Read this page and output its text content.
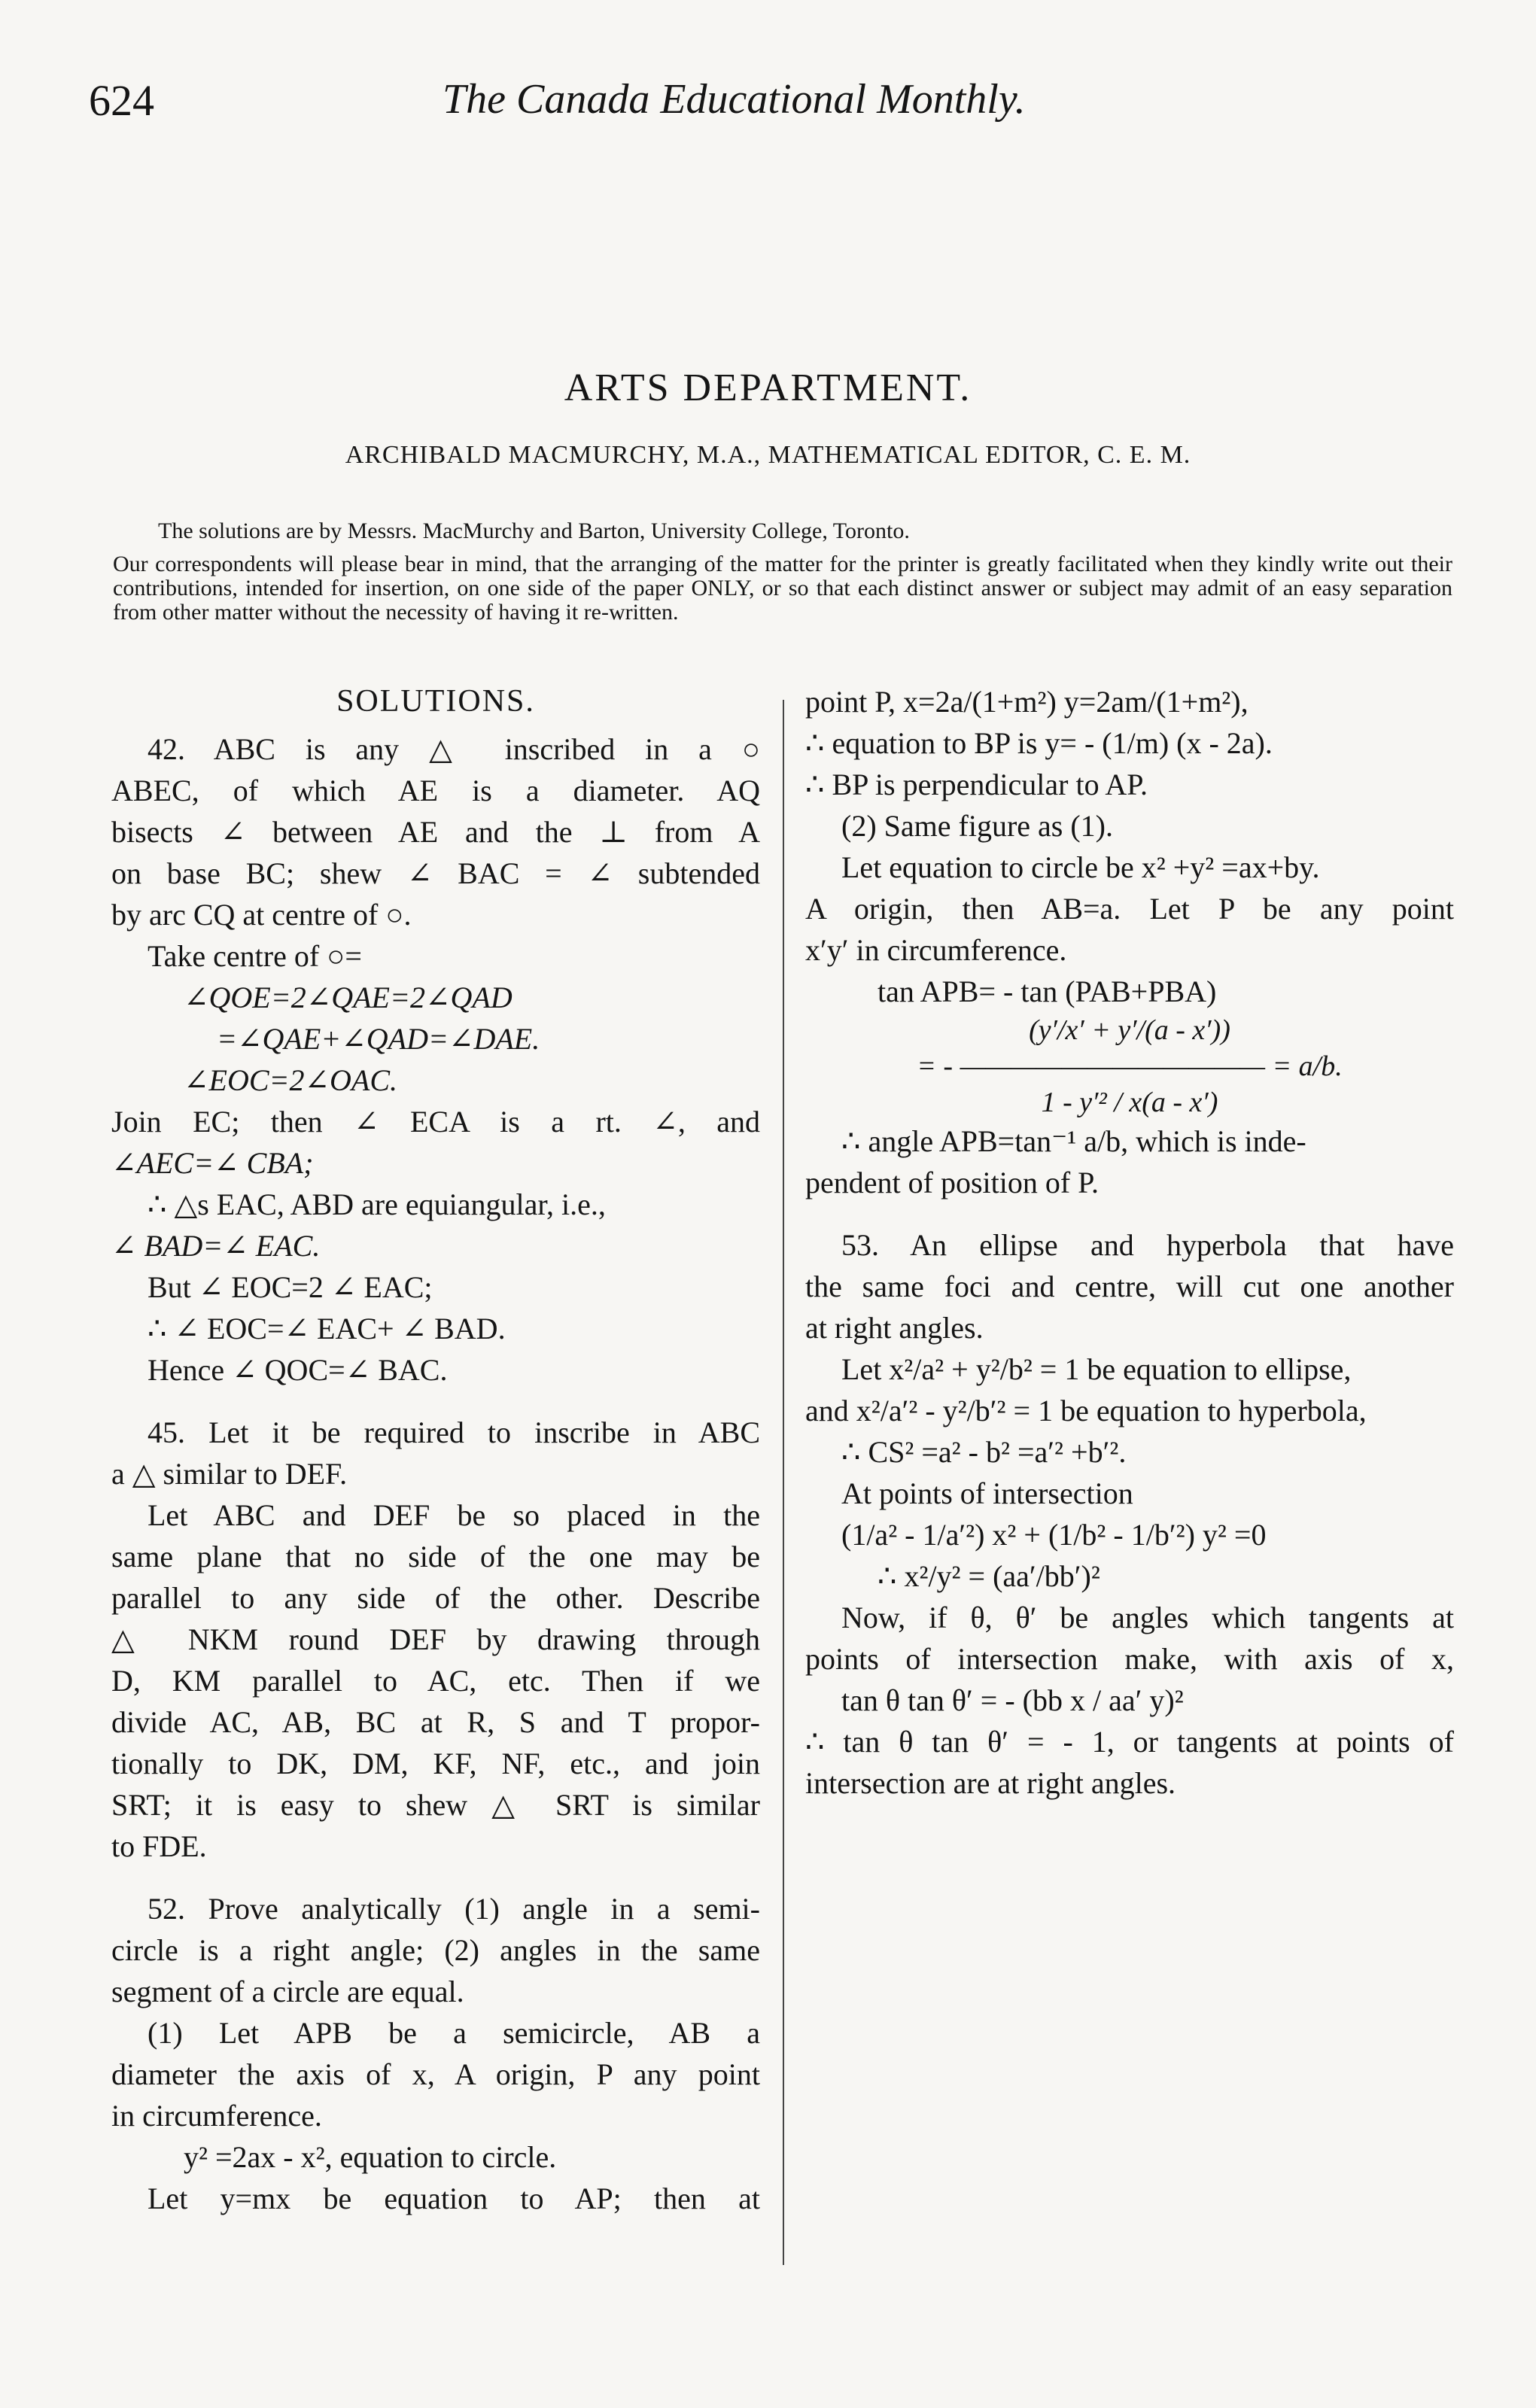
624	The Canada Educational Monthly.
ARTS DEPARTMENT.
ARCHIBALD MACMURCHY, M.A., MATHEMATICAL EDITOR, C. E. M.
The solutions are by Messrs. MacMurchy and Barton, University College, Toronto.
Our correspondents will please bear in mind, that the arranging of the matter for the printer is greatly facilitated when they kindly write out their contributions, intended for insertion, on one side of the paper ONLY, or so that each distinct answer or subject may admit of an easy separation from other matter without the necessity of having it re-written.
SOLUTIONS.
42. ABC is any △ inscribed in a ○
ABEC, of which AE is a diameter. AQ
bisects ∠ between AE and the ⊥ from A
on base BC; shew ∠ BAC = ∠ subtended
by arc CQ at centre of ○.
Take centre of ○=
∠QOE=2∠QAE=2∠QAD
=∠QAE+∠QAD=∠DAE.
∠EOC=2∠OAC.
Join EC; then ∠ ECA is a rt. ∠, and
∠AEC=∠ CBA;
∴ △s EAC, ABD are equiangular, i.e.,
∠ BAD=∠ EAC.
But ∠ EOC=2 ∠ EAC;
∴ ∠ EOC=∠ EAC+ ∠ BAD.
Hence ∠ QOC=∠ BAC.
45. Let it be required to inscribe in ABC
a △ similar to DEF.
Let ABC and DEF be so placed in the
same plane that no side of the one may be
parallel to any side of the other. Describe
△ NKM round DEF by drawing through
D, KM parallel to AC, etc. Then if we
divide AC, AB, BC at R, S and T propor-
tionally to DK, DM, KF, NF, etc., and join
SRT; it is easy to shew △ SRT is similar
to FDE.
52. Prove analytically (1) angle in a semi-
circle is a right angle; (2) angles in the same
segment of a circle are equal.
(1) Let APB be a semicircle, AB a
diameter the axis of x, A origin, P any point
in circumference.
y² =2ax - x², equation to circle.
Let y=mx be equation to AP; then at
point P, x=2a/(1+m²) y=2am/(1+m²),
∴ equation to BP is y= - (1/m) (x - 2a).
∴ BP is perpendicular to AP.
(2) Same figure as (1).
Let equation to circle be x² +y² =ax+by.
A origin, then AB=a. Let P be any point
x′y′ in circumference.
tan APB= - tan (PAB+PBA)
(y′/x′ + y′/(a - x′))
= - ———————————— = a/b.
1 - y′² / x(a - x′)
∴ angle APB=tan⁻¹ a/b, which is inde-
pendent of position of P.
53. An ellipse and hyperbola that have
the same foci and centre, will cut one another
at right angles.
Let x²/a² + y²/b² = 1 be equation to ellipse,
and x²/a′² - y²/b′² = 1 be equation to hyperbola,
∴ CS² =a² - b² =a′² +b′².
At points of intersection
(1/a² - 1/a′²) x² + (1/b² - 1/b′²) y² =0
∴ x²/y² = (aa′/bb′)²
Now, if θ, θ′ be angles which tangents at
points of intersection make, with axis of x,
tan θ tan θ′ = - (bb x / aa′ y)²
∴ tan θ tan θ′ = - 1, or tangents at points of
intersection are at right angles.
